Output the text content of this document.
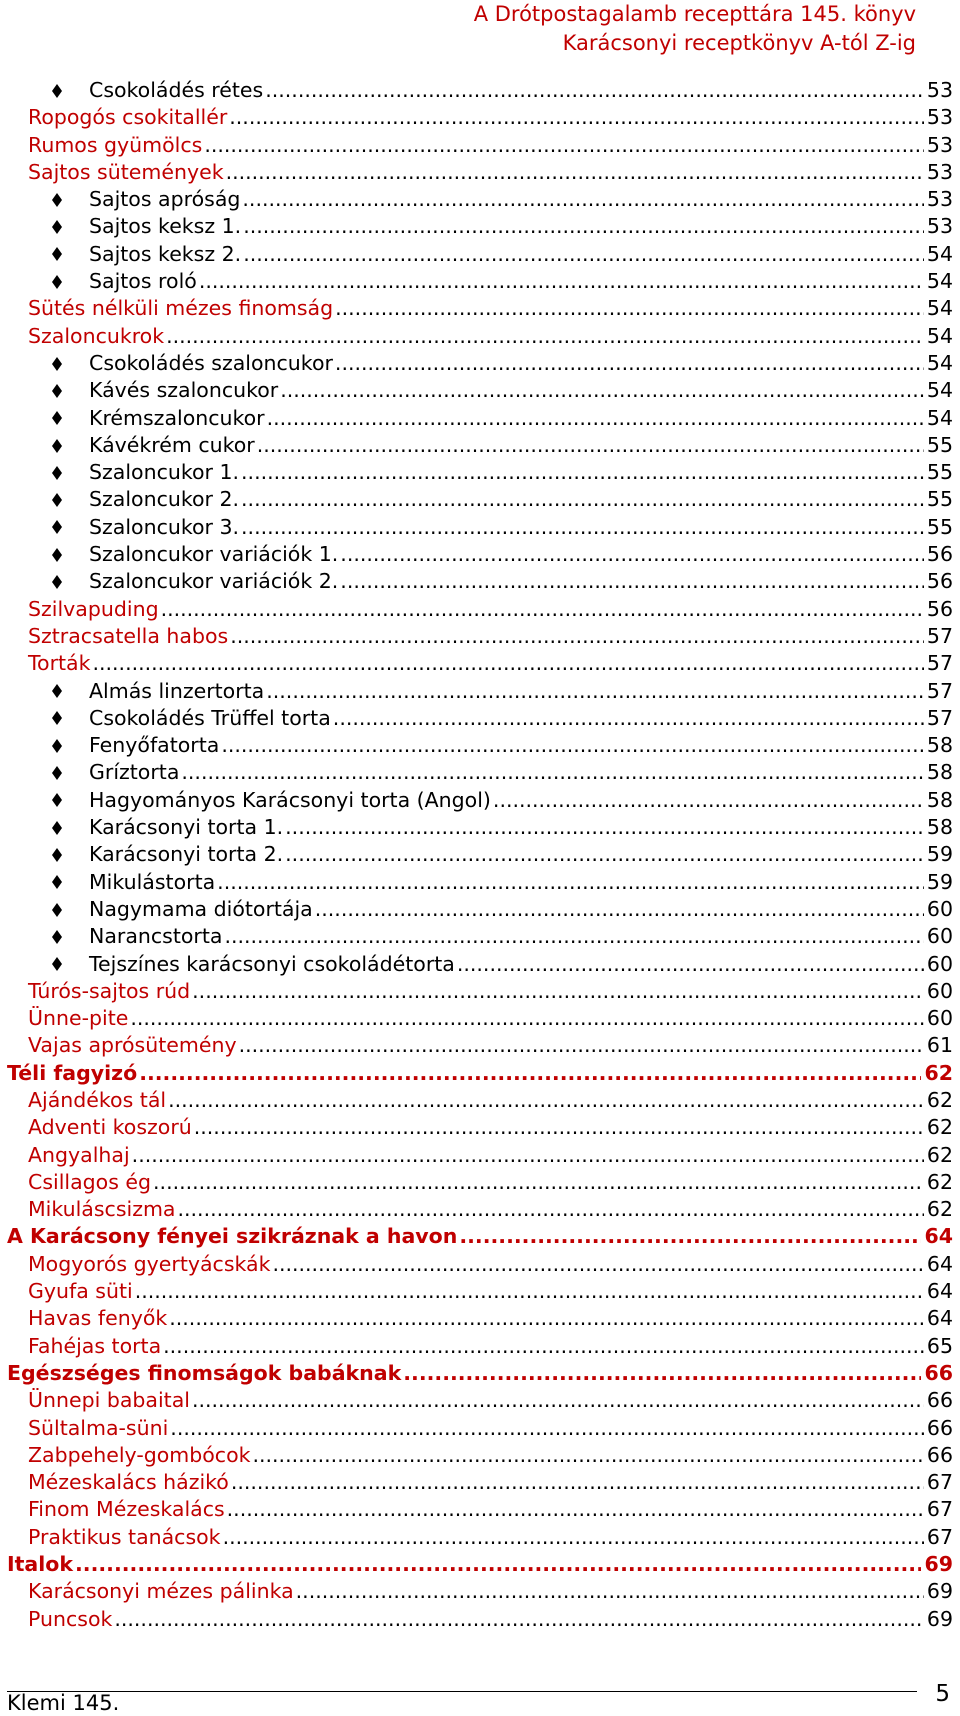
A Drótpostagalamb recepttára 145. könyv
Karácsonyi receptkönyv A-tól Z-ig
Csokoládés rétes .....	53
Ropogós csokitallér .....	53
Rumos gyümölcs .....	53
Sajtos sütemények .....	53
Sajtos apróság .....	53
Sajtos keksz 1. .....	53
Sajtos keksz 2. .....	54
Sajtos roló .....	54
Sütés nélküli mézes finomság .....	54
Szaloncukrok .....	54
Csokoládés szaloncukor .....	54
Kávés szaloncukor .....	54
Krémszaloncukor .....	54
Kávékrém cukor .....	55
Szaloncukor 1. .....	55
Szaloncukor 2. .....	55
Szaloncukor 3. .....	55
Szaloncukor variációk 1. .....	56
Szaloncukor variációk 2. .....	56
Szilvapuding .....	56
Sztracsatella habos .....	57
Torták .....	57
Almás linzertorta .....	57
Csokoládés Trüffel torta .....	57
Fenyőfatorta .....	58
Gríztorta .....	58
Hagyományos Karácsonyi torta (Angol) .....	58
Karácsonyi torta 1. .....	58
Karácsonyi torta 2. .....	59
Mikulástorta .....	59
Nagymama diótortája .....	60
Narancstorta .....	60
Tejszínes karácsonyi csokoládétorta .....	60
Túrós-sajtos rúd .....	60
Ünne-pite .....	60
Vajas aprósütemény .....	61
Téli fagyizó .....	62
Ajándékos tál .....	62
Adventi koszorú .....	62
Angyalhaj .....	62
Csillagos ég .....	62
Mikuláscsizma .....	62
A Karácsony fényei szikráznak a havon .....	64
Mogyorós gyertyácskák .....	64
Gyufa süti .....	64
Havas fenyők .....	64
Fahéjas torta .....	65
Egészséges finomságok babáknak .....	66
Ünnepi babaital .....	66
Sültalma-süni .....	66
Zabpehely-gombócok .....	66
Mézeskalács házikó .....	67
Finom Mézeskalács .....	67
Praktikus tanácsok .....	67
Italok .....	69
Karácsonyi mézes pálinka .....	69
Puncsok .....	69
Klemi 145.	5
